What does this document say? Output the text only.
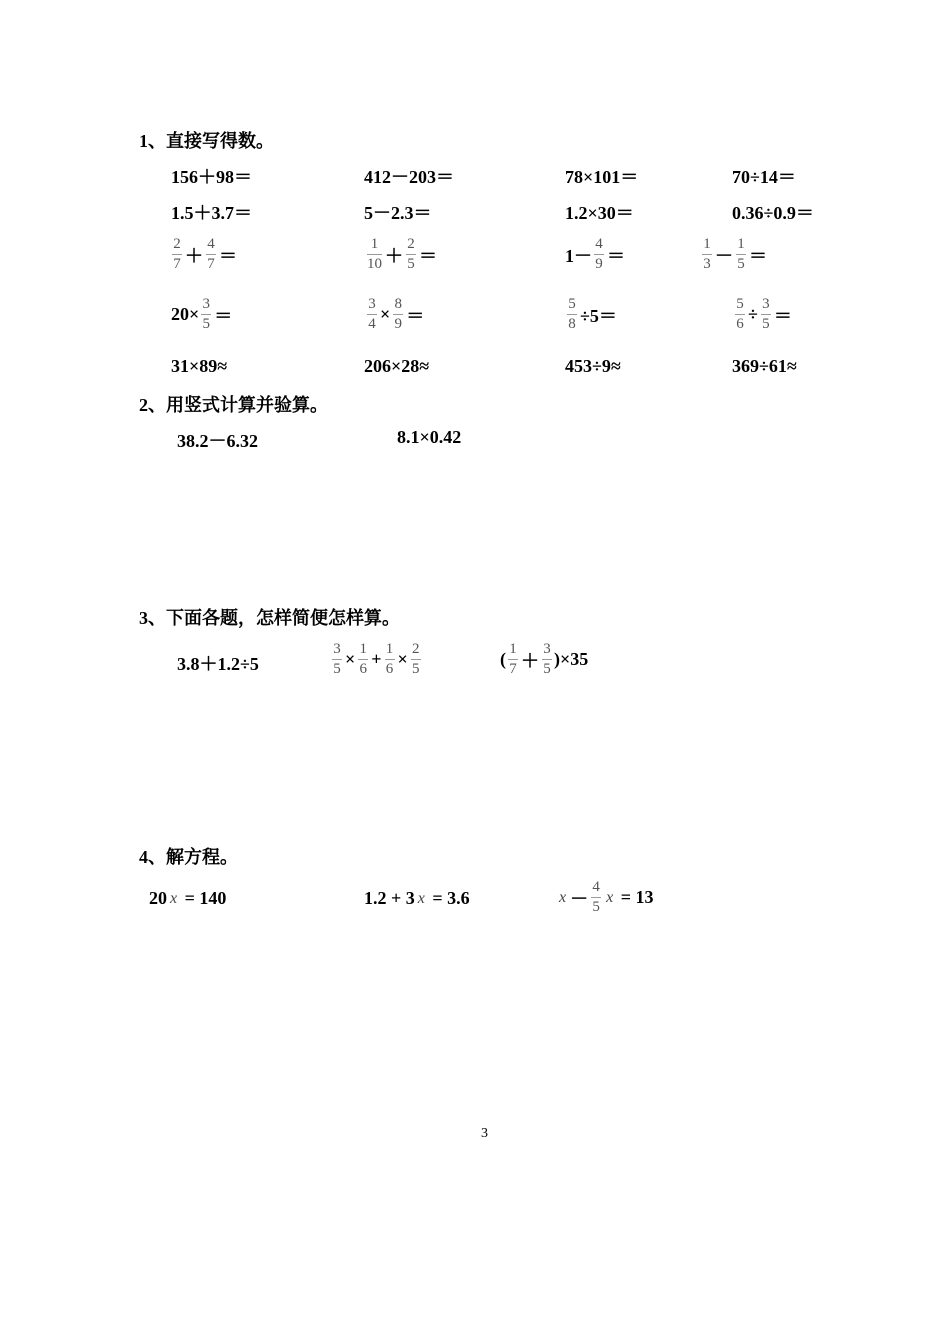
1、直接写得数。
156＋98＝	412－203＝	78×101＝	70÷14＝
1.5＋3.7＝	5－2.3＝	1.2×30＝	0.36÷0.9＝
$\frac{2}{7} + \frac{4}{7}$ ＝	$\frac{1}{10} + \frac{2}{5}$ ＝	$1- \frac{4}{9}$ ＝	$\frac{1}{3} - \frac{1}{5}$ ＝
$20\times \frac{3}{5}$ ＝	$\frac{3}{4} \times \frac{8}{9}$ ＝	$\frac{5}{8} \div 5=$	$\frac{5}{6} \div \frac{3}{5}$ ＝
31×89≈	206×28≈	453÷9≈	369÷61≈
2、用竖式计算并验算。
38.2－6.32	8.1×0.42
3、下面各题，怎样简便怎样算。
3.8＋1.2÷5	$\frac{3}{5} \times \frac{1}{6} + \frac{1}{6} \times \frac{2}{5}$	( $\frac{1}{7} + \frac{3}{5} )\times 35$
4、解方程。
20 x = 140	1.2 + 3 x = 3.6	$x - \frac{4}{5}$ x = 13
3
